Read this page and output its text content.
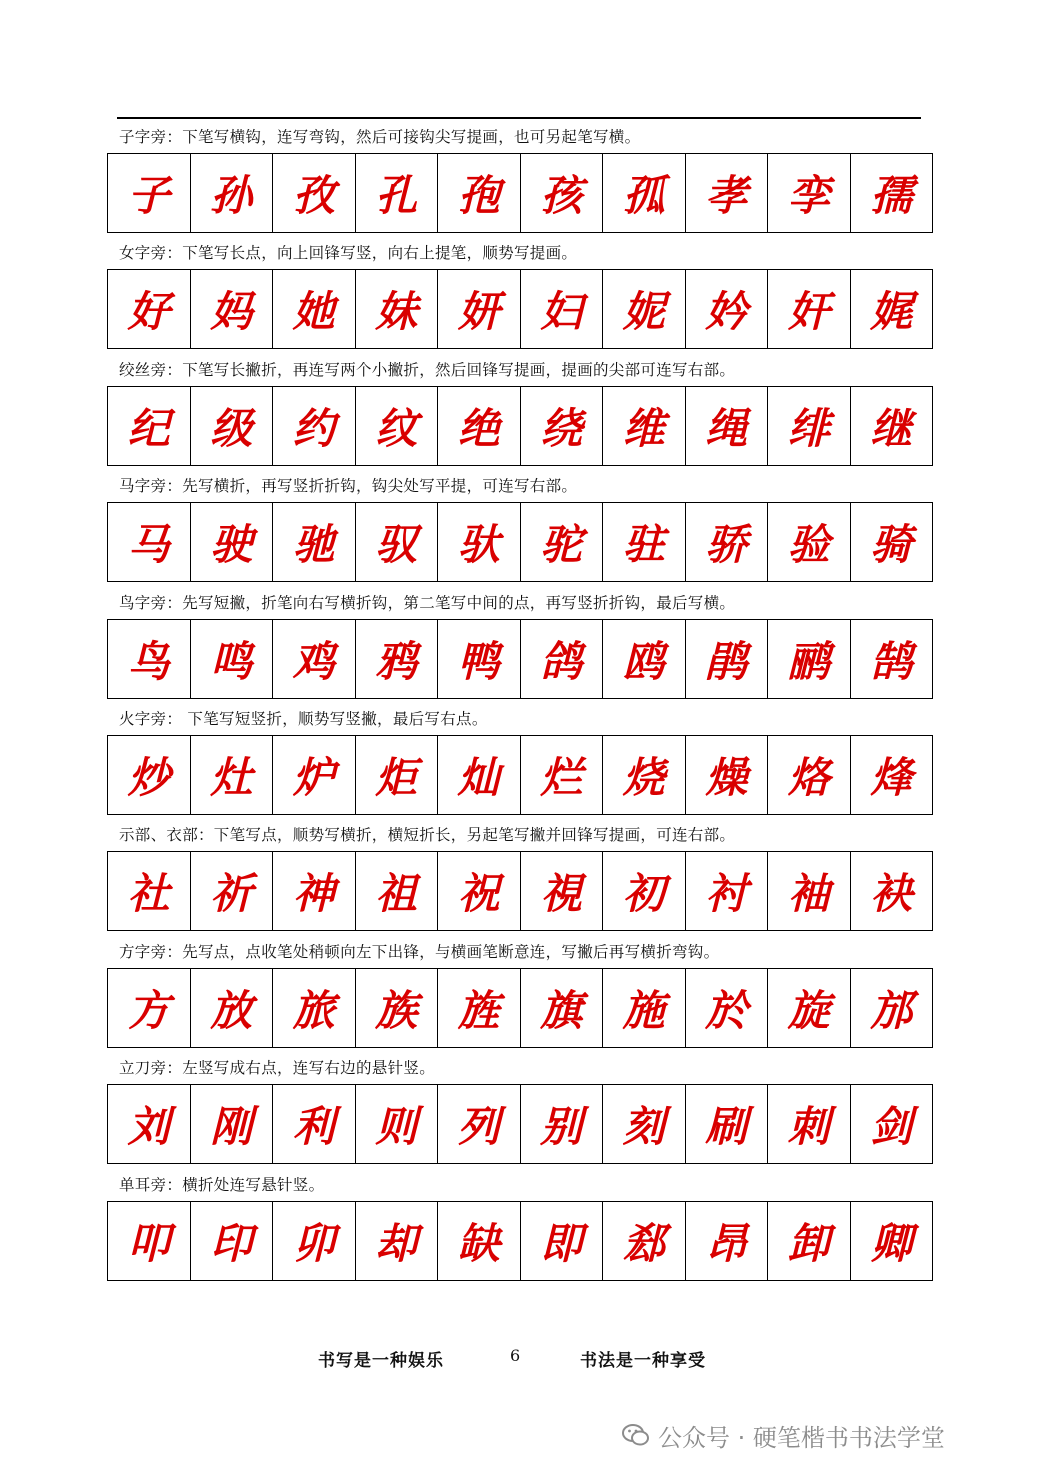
子字旁：下笔写横钩，连写弯钩，然后可接钩尖写提画，也可另起笔写横。
子 孙 孜 孔 孢 孩 孤 孝 孪 孺
女字旁：下笔写长点，向上回锋写竖，向右上提笔，顺势写提画。
好 妈 她 妹 妍 妇 妮 妗 奸 娓
绞丝旁：下笔写长撇折，再连写两个小撇折，然后回锋写提画，提画的尖部可连写右部。
纪 级 约 纹 绝 绕 维 绳 绯 继
马字旁：先写横折，再写竖折折钩，钩尖处写平提，可连写右部。
马 驶 驰 驭 驮 驼 驻 骄 验 骑
鸟字旁：先写短撇，折笔向右写横折钩，第二笔写中间的点，再写竖折折钩，最后写横。
鸟 鸣 鸡 鸦 鸭 鸽 鸥 鹃 鹂 鹄
火字旁： 下笔写短竖折，顺势写竖撇，最后写右点。
炒 灶 炉 炬 灿 烂 烧 燥 烙 烽
示部、衣部：下笔写点，顺势写横折，横短折长，另起笔写撇并回锋写提画，可连右部。
社 祈 神 祖 祝 視 初 衬 袖 袂
方字旁：先写点，点收笔处稍顿向左下出锋，与横画笔断意连，写撇后再写横折弯钩。
方 放 旅 族 旌 旗 施 於 旋 邡
立刀旁：左竖写成右点，连写右边的悬针竖。
刘 刚 利 则 列 别 刻 刷 刺 剑
单耳旁：横折处连写悬针竖。
叩 印 卯 却 缺 即 郄 昂 卸 卿
书写是一种娱乐	6	书法是一种享受
公众号 · 硬笔楷书书法学堂
